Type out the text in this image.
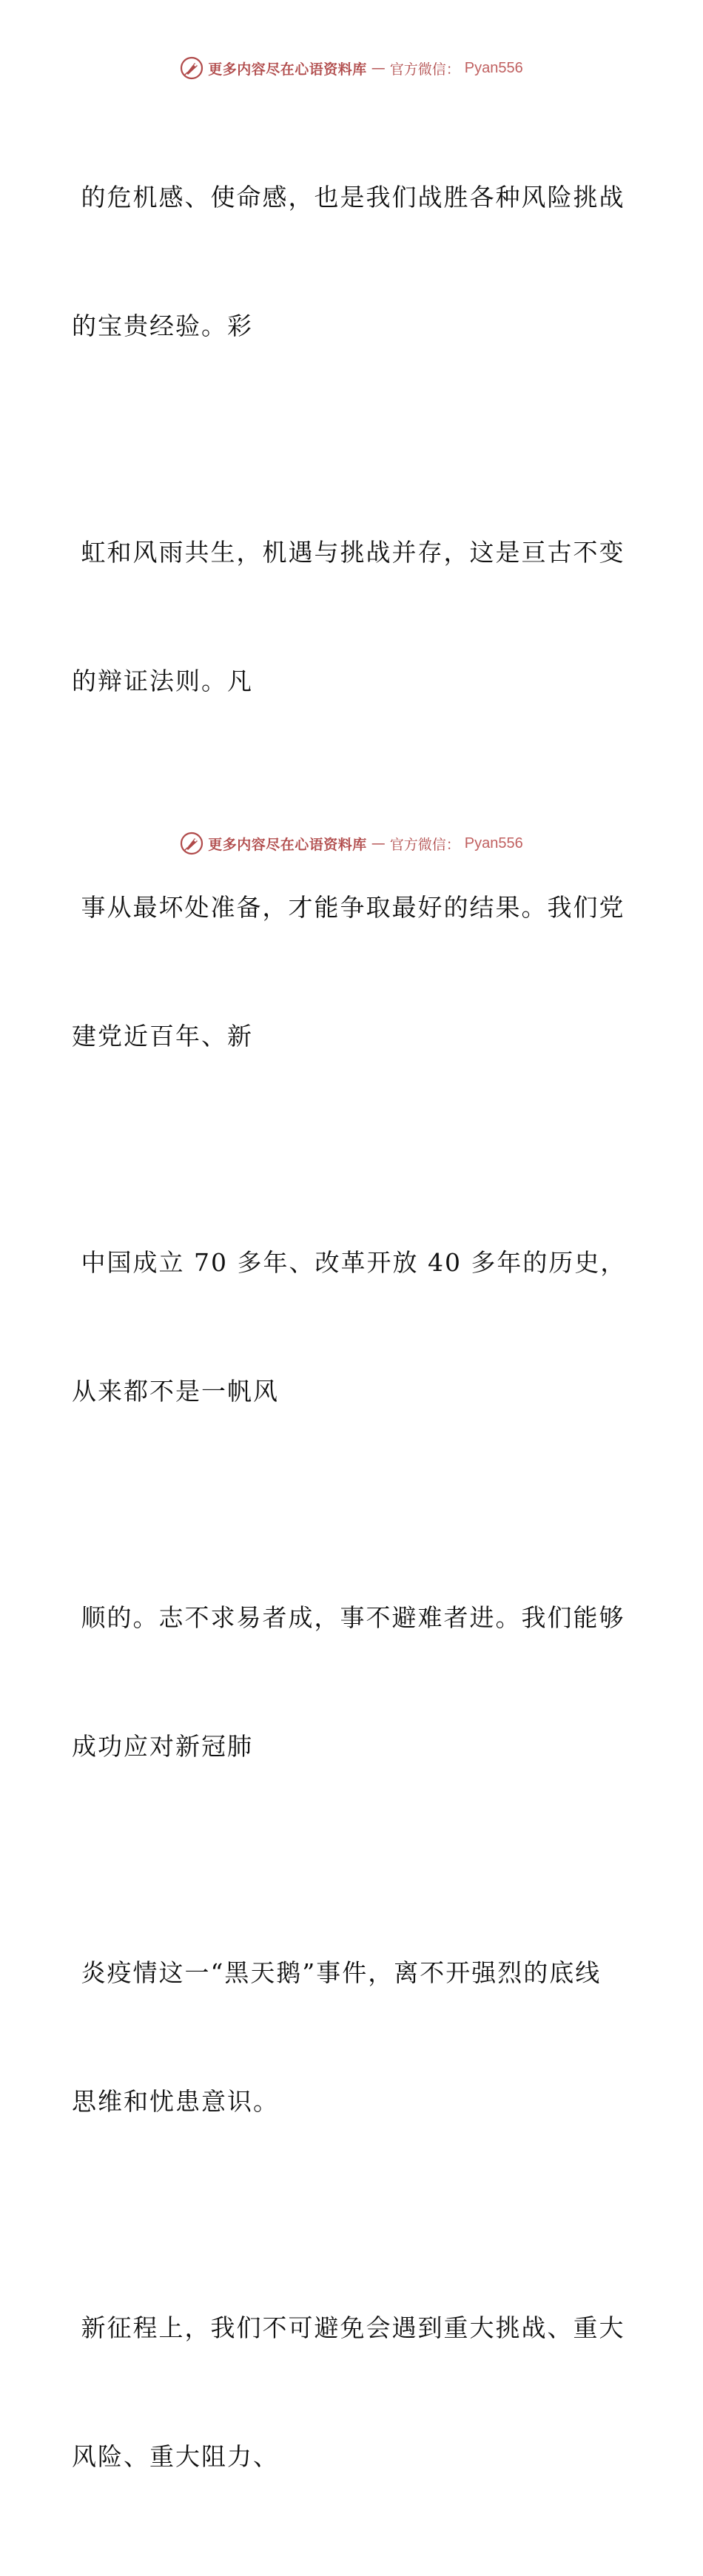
更多内容尽在心语资料库 — 官方微信： Pyan556

的危机感、使命感，也是我们战胜各种风险挑战

的宝贵经验。彩

虹和风雨共生，机遇与挑战并存，这是亘古不变

的辩证法则。凡

事从最坏处准备，才能争取最好的结果。我们党

建党近百年、新

中国成立 70 多年、改革开放 40 多年的历史，

从来都不是一帆风

顺的。志不求易者成，事不避难者进。我们能够

成功应对新冠肺

炎疫情这一“黑天鹅”事件，离不开强烈的底线

思维和忧患意识。

新征程上，我们不可避免会遇到重大挑战、重大

风险、重大阻力、

更多内容尽在心语资料库 — 官方微信： Pyan556
